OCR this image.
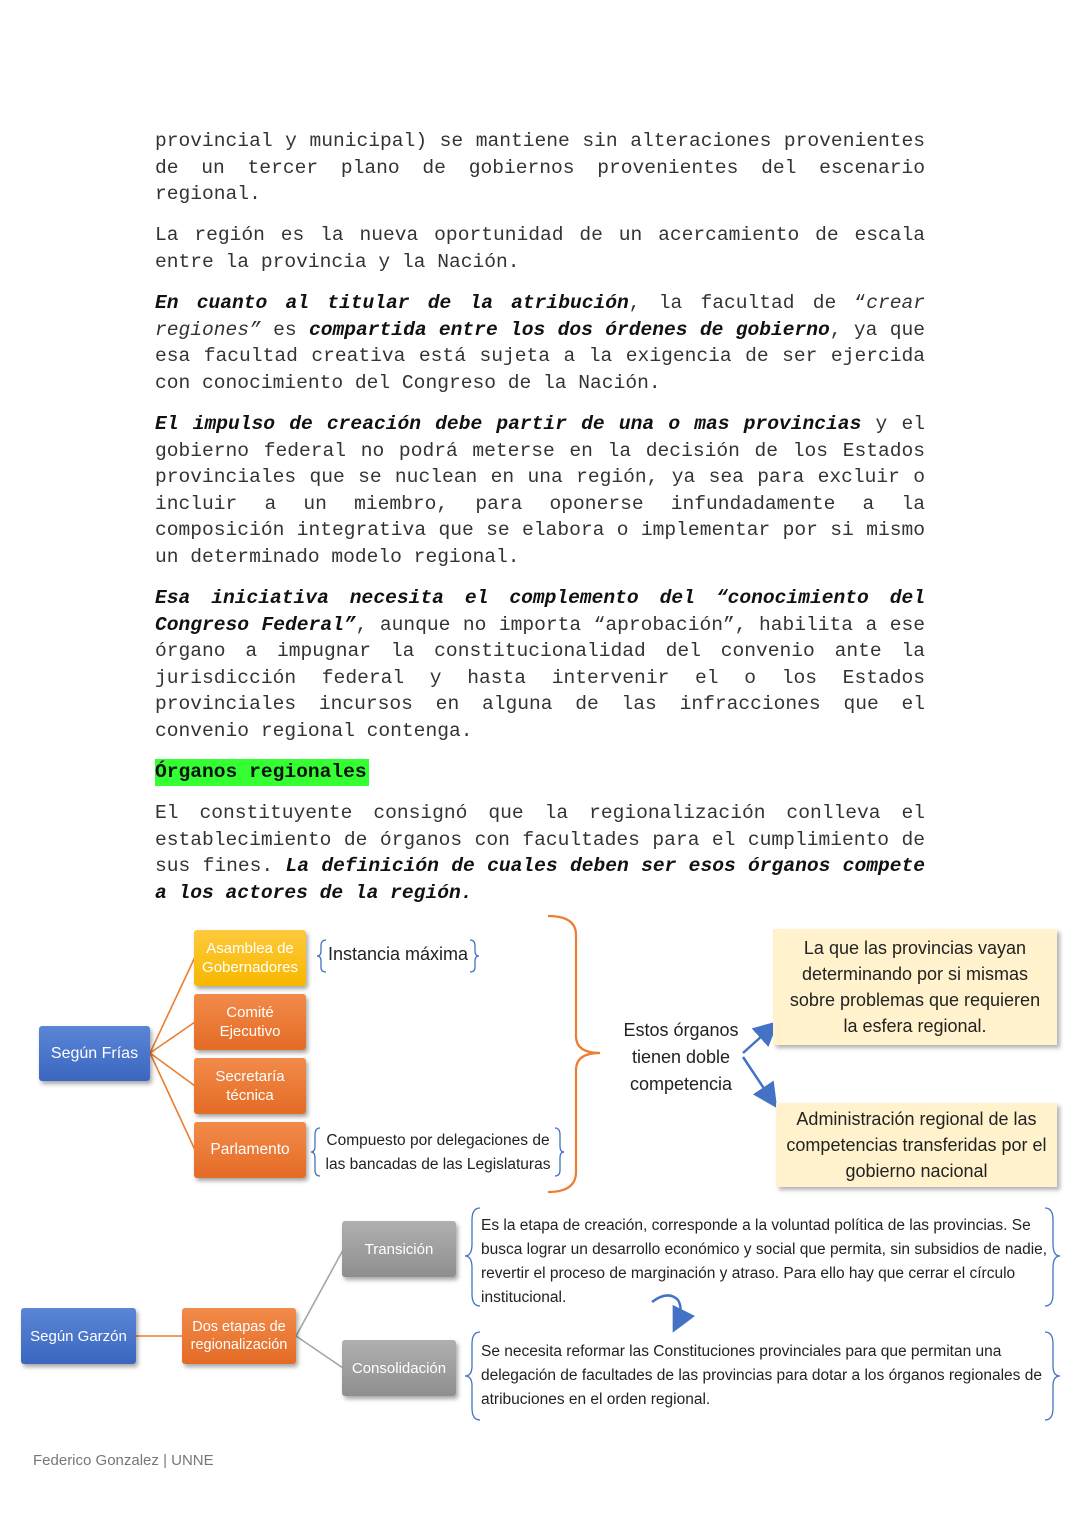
provincial y municipal) se mantiene sin alteraciones provenientes de un tercer plano de gobiernos provenientes del escenario regional.

La región es la nueva oportunidad de un acercamiento de escala entre la provincia y la Nación.

En cuanto al titular de la atribución, la facultad de “crear regiones” es compartida entre los dos órdenes de gobierno, ya que esa facultad creativa está sujeta a la exigencia de ser ejercida con conocimiento del Congreso de la Nación.

El impulso de creación debe partir de una o mas provincias y el gobierno federal no podrá meterse en la decisión de los Estados provinciales que se nuclean en una región, ya sea para excluir o incluir a un miembro, para oponerse infundadamente a la composición integrativa que se elabora o implementar por si mismo un determinado modelo regional.

Esa iniciativa necesita el complemento del “conocimiento del Congreso Federal”, aunque no importa “aprobación”, habilita a ese órgano a impugnar la constitucionalidad del convenio ante la jurisdicción federal y hasta intervenir el o los Estados provinciales incursos en alguna de las infracciones que el convenio regional contenga.

Órganos regionales

El constituyente consignó que la regionalización conlleva el establecimiento de órganos con facultades para el cumplimiento de sus fines. La definición de cuales deben ser esos órganos compete a los actores de la región.

Según Frías
Asamblea de Gobernadores
Comité Ejecutivo
Secretaría técnica
Parlamento
Instancia máxima
Compuesto por delegaciones de las bancadas de las Legislaturas
Estos órganos tienen doble competencia
La que las provincias vayan determinando por si mismas sobre problemas que requieren la esfera regional.
Administración regional de las competencias transferidas por el gobierno nacional
Según Garzón
Dos etapas de regionalización
Transición
Consolidación
Es la etapa de creación, corresponde a la voluntad política de las provincias. Se busca lograr un desarrollo económico y social que permita, sin subsidios de nadie, revertir el proceso de marginación y atraso. Para ello hay que cerrar el círculo institucional.
Se necesita reformar las Constituciones provinciales para que permitan una delegación de facultades de las provincias para dotar a los órganos regionales de atribuciones en el orden regional.
Federico Gonzalez | UNNE
